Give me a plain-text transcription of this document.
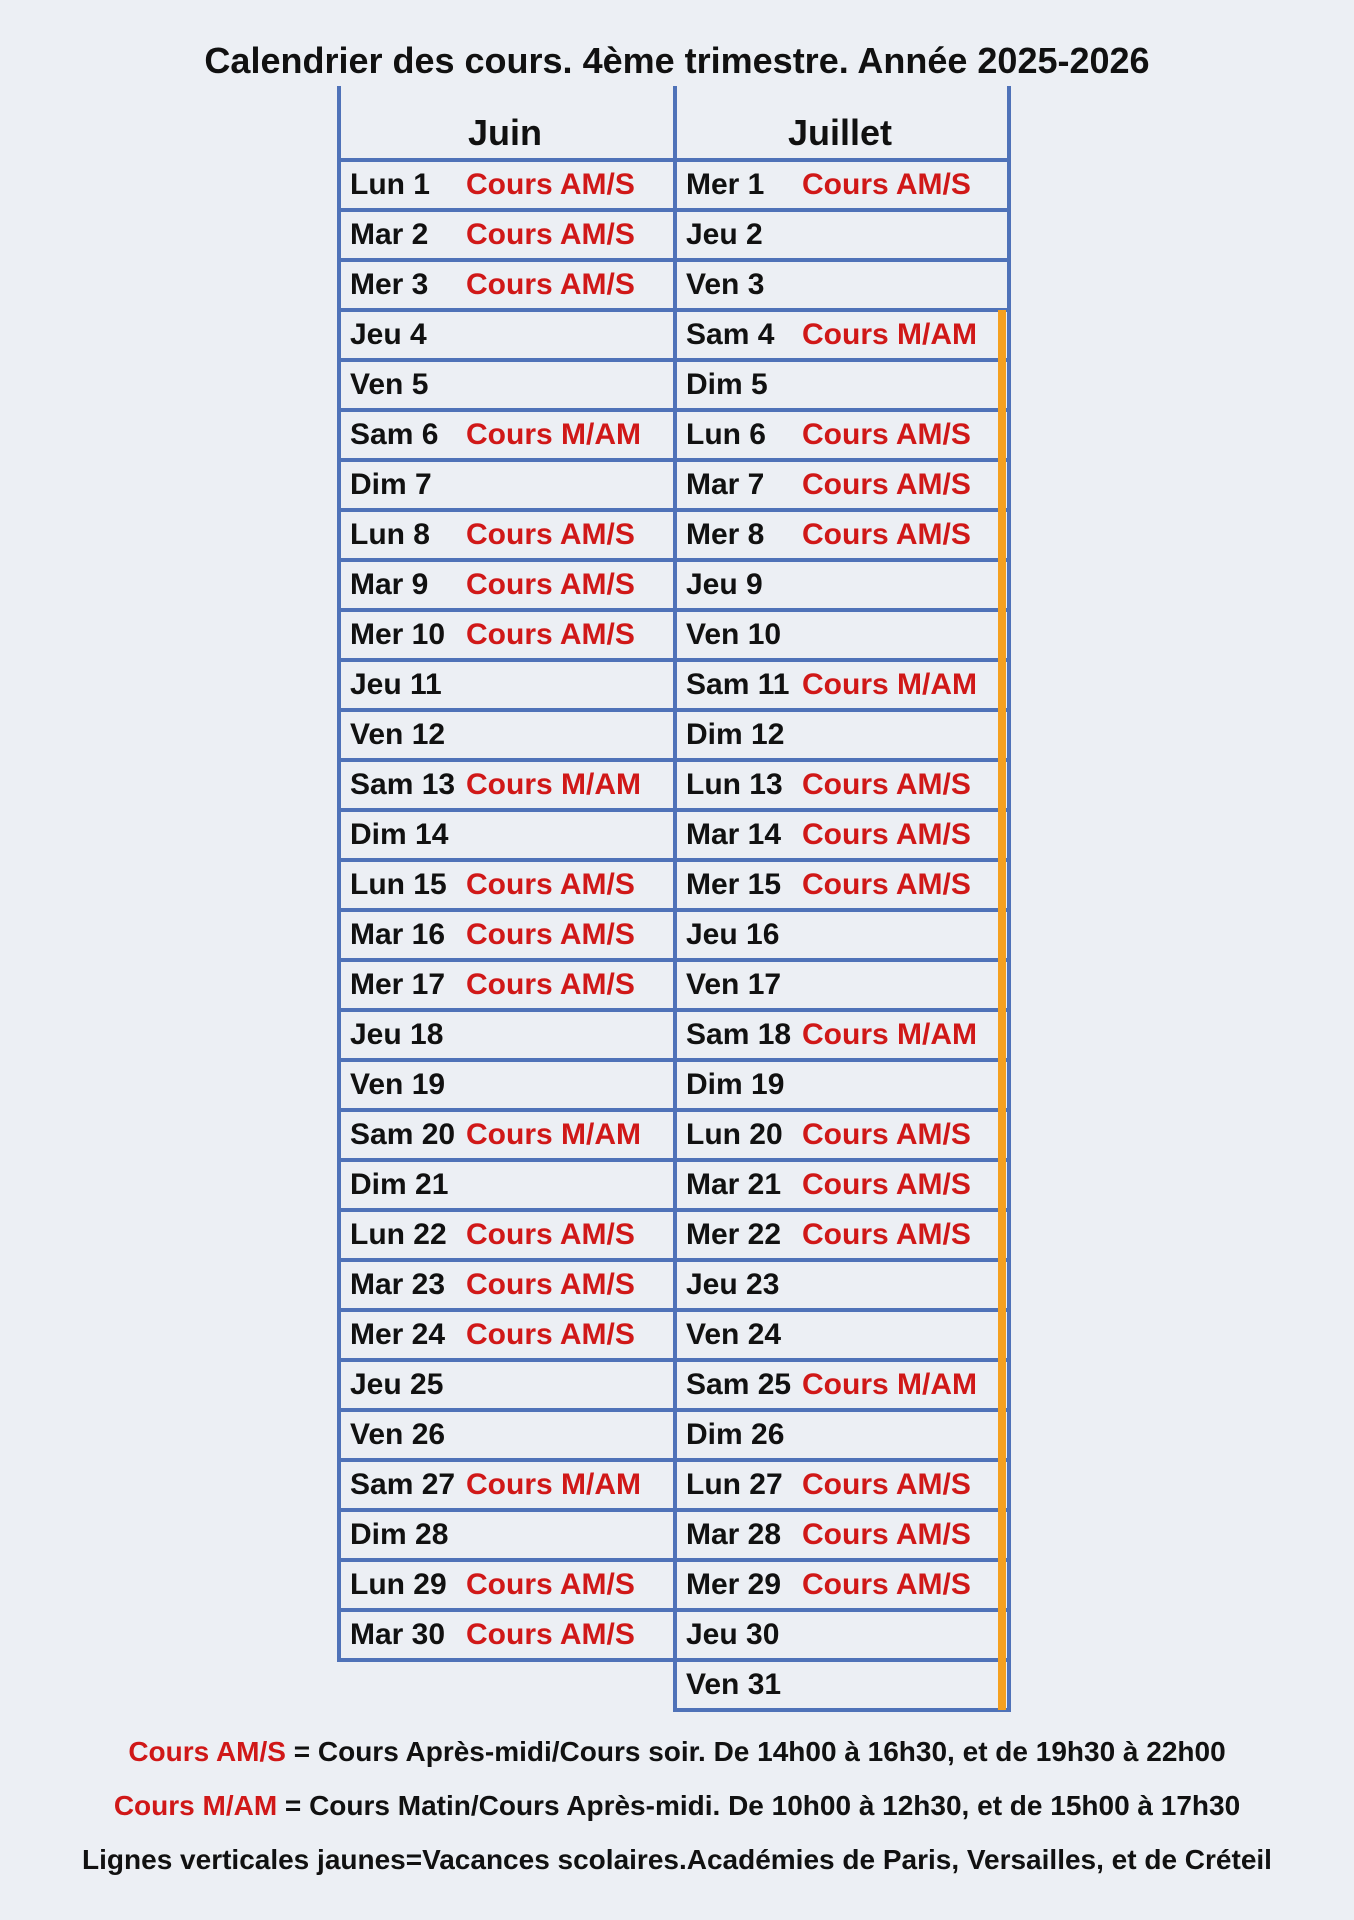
Calendrier des cours. 4ème trimestre. Année 2025-2026
Juin	Juillet
Lun 1 Cours AM/S
Mar 2 Cours AM/S
Mer 3 Cours AM/S
Jeu 4
Ven 5
Sam 6 Cours M/AM
Dim 7
Lun 8 Cours AM/S
Mar 9 Cours AM/S
Mer 10 Cours AM/S
Jeu 11
Ven 12
Sam 13 Cours M/AM
Dim 14
Lun 15 Cours AM/S
Mar 16 Cours AM/S
Mer 17 Cours AM/S
Jeu 18
Ven 19
Sam 20 Cours M/AM
Dim 21
Lun 22 Cours AM/S
Mar 23 Cours AM/S
Mer 24 Cours AM/S
Jeu 25
Ven 26
Sam 27 Cours M/AM
Dim 28
Lun 29 Cours AM/S
Mar 30 Cours AM/S
Mer 1 Cours AM/S
Jeu 2
Ven 3
Sam 4 Cours M/AM
Dim 5
Lun 6 Cours AM/S
Mar 7 Cours AM/S
Mer 8 Cours AM/S
Jeu 9
Ven 10
Sam 11 Cours M/AM
Dim 12
Lun 13 Cours AM/S
Mar 14 Cours AM/S
Mer 15 Cours AM/S
Jeu 16
Ven 17
Sam 18 Cours M/AM
Dim 19
Lun 20 Cours AM/S
Mar 21 Cours AM/S
Mer 22 Cours AM/S
Jeu 23
Ven 24
Sam 25 Cours M/AM
Dim 26
Lun 27 Cours AM/S
Mar 28 Cours AM/S
Mer 29 Cours AM/S
Jeu 30
Ven 31
Cours AM/S = Cours Après-midi/Cours soir. De 14h00 à 16h30, et de 19h30 à 22h00
Cours M/AM = Cours Matin/Cours Après-midi. De 10h00 à 12h30, et de 15h00 à 17h30
Lignes verticales jaunes=Vacances scolaires.Académies de Paris, Versailles, et de Créteil
